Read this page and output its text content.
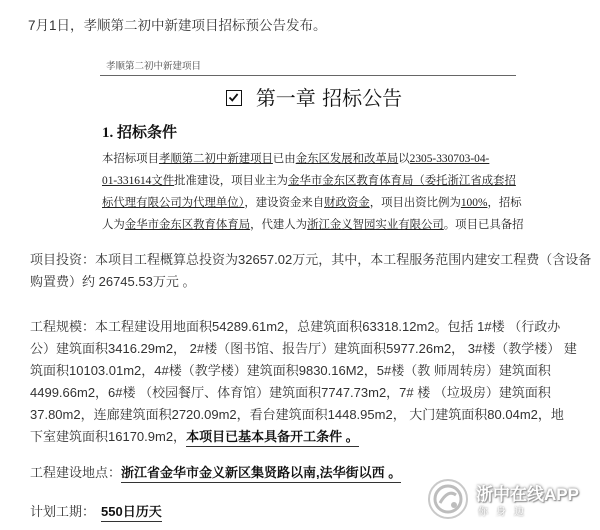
7月1日，孝顺第二初中新建项目招标预公告发布。
孝顺第二初中新建项目
第一章 招标公告
1. 招标条件
本招标项目孝顺第二初中新建项目已由金东区发展和改革局以2305-330703-04-
01-331614文件批准建设，项目业主为金华市金东区教育体育局（委托浙江省成套招
标代理有限公司为代理单位），建设资金来自财政资金，项目出资比例为100%，招标
人为金华市金东区教育体育局，代建人为浙江金义智园实业有限公司。项目已具备招
项目投资：本项目工程概算总投资为32657.02万元，其中，本工程服务范围内建安工程费（含设备
购置费）约 26745.53万元 。
工程规模：本工程建设用地面积54289.61m2，总建筑面积63318.12m2。包括 1#楼 （行政办
公）建筑面积3416.29m2， 2#楼（图书馆、报告厅）建筑面积5977.26m2， 3#楼（教学楼） 建
筑面积10103.01m2，4#楼（教学楼）建筑面积9830.16M2，5#楼（教 师周转房）建筑面积
4499.66m2，6#楼 （校园餐厅、体育馆）建筑面积7747.73m2，7# 楼 （垃圾房）建筑面积
37.80m2，连廊建筑面积2720.09m2，看台建筑面积1448.95m2， 大门建筑面积80.04m2，地
下室建筑面积16170.9m2，本项目已基本具备开工条件 。
工程建设地点：浙江省金华市金义新区集贤路以南,法华街以西 。
计划工期： 550日历天
浙中在线APP
你身边
